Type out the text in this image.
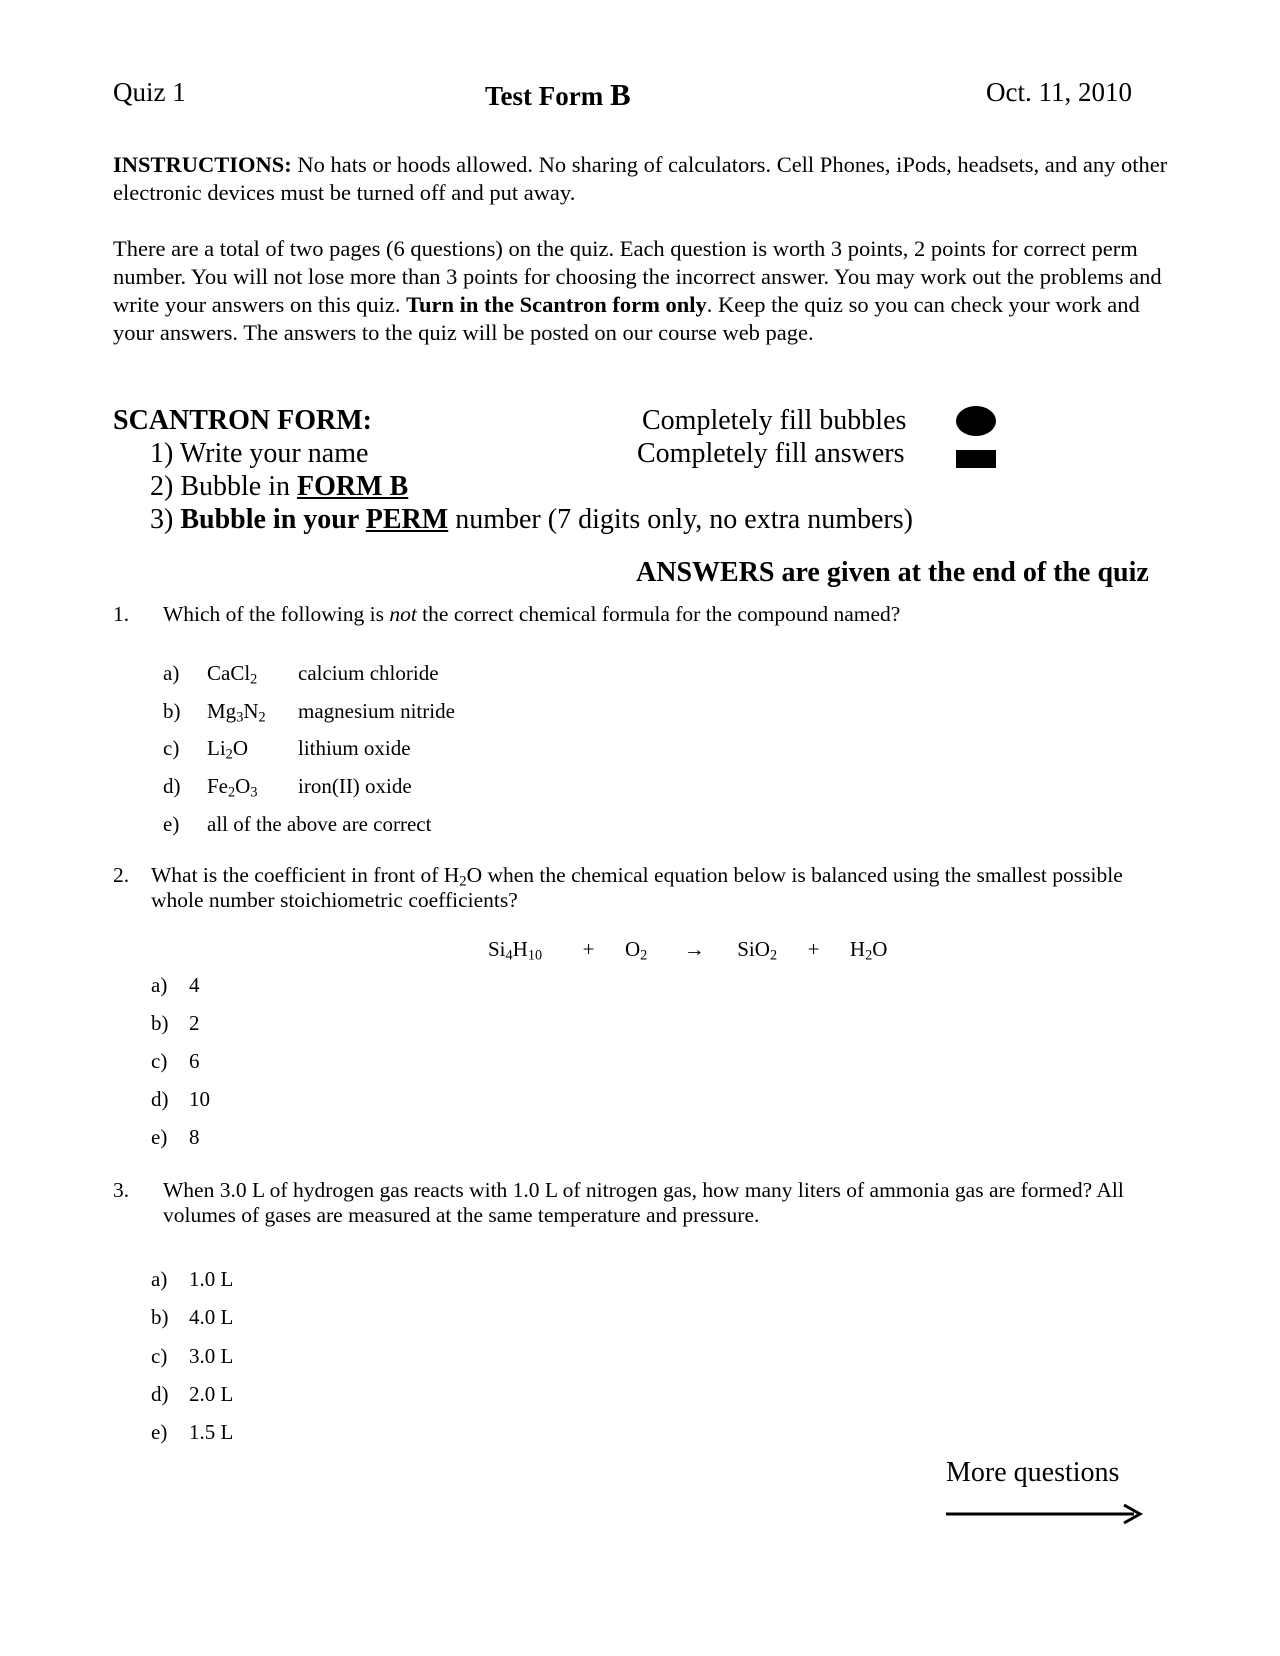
Quiz 1	Test Form B	Oct. 11, 2010
INSTRUCTIONS: No hats or hoods allowed. No sharing of calculators. Cell Phones, iPods, headsets, and any other electronic devices must be turned off and put away.
There are a total of two pages (6 questions) on the quiz. Each question is worth 3 points, 2 points for correct perm number. You will not lose more than 3 points for choosing the incorrect answer. You may work out the problems and write your answers on this quiz. Turn in the Scantron form only. Keep the quiz so you can check your work and your answers. The answers to the quiz will be posted on our course web page.
SCANTRON FORM:
1) Write your name
2) Bubble in FORM B
3) Bubble in your PERM number (7 digits only, no extra numbers)
Completely fill bubbles
Completely fill answers
ANSWERS are given at the end of the quiz
1. Which of the following is not the correct chemical formula for the compound named?
a) CaCl$_2$ calcium chloride
b) $Mg_3N_2$ magnesium nitride
c) $Li_2O$ lithium oxide
d) $Fe_2O_3$ iron(II) oxide
e) all of the above are correct
2. What is the coefficient in front of $H_2O$ when the chemical equation below is balanced using the smallest possible whole number stoichiometric coefficients?
$Si_4H_{10} + O_2 \to SiO_2 + H_2O$
a) 4
b) 2
c) 6
d) 10
e) 8
3. When 3.0 L of hydrogen gas reacts with 1.0 L of nitrogen gas, how many liters of ammonia gas are formed? All volumes of gases are measured at the same temperature and pressure.
a) 1.0 L
b) 4.0 L
c) 3.0 L
d) 2.0 L
e) 1.5 L
More questions
